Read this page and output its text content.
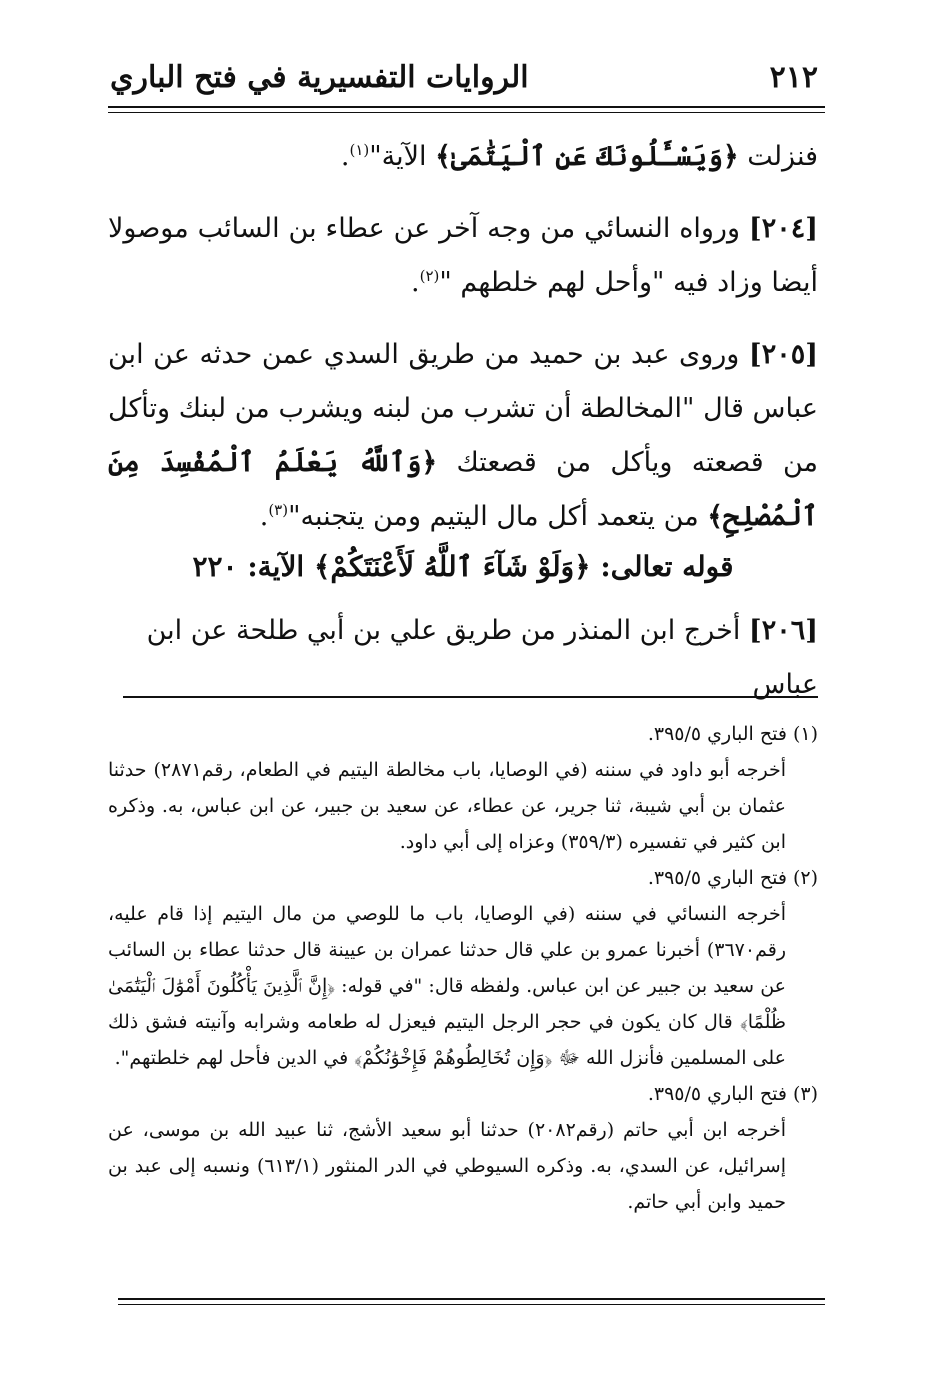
٢١٢
الروايات التفسيرية في فتح الباري

فنزلت ﴿وَيَسْـَٔلُونَكَ عَنِ ٱلْيَتَٰمَىٰ﴾ الآية"$^{(١)}$.

[٢٠٤] ورواه النسائي من وجه آخر عن عطاء بن السائب موصولا أيضا وزاد فيه "وأحل لهم خلطهم "$^{(٢)}$.

[٢٠٥] وروى عبد بن حميد من طريق السدي عمن حدثه عن ابن عباس قال "المخالطة أن تشرب من لبنه ويشرب من لبنك وتأكل من قصعته ويأكل من قصعتك ﴿وَٱللَّهُ يَعْلَمُ ٱلْمُفْسِدَ مِنَ ٱلْمُصْلِحِ﴾ من يتعمد أكل مال اليتيم ومن يتجنبه"$^{(٣)}$.

قوله تعالى: ﴿وَلَوْ شَآءَ ٱللَّهُ لَأَعْنَتَكُمْ﴾ الآية: ٢٢٠
[٢٠٦] أخرج ابن المنذر من طريق علي بن أبي طلحة عن ابن عباس

(١) فتح الباري ٣٩٥/٥.

أخرجه أبو داود في سننه (في الوصايا، باب مخالطة اليتيم في الطعام، رقم٢٨٧١) حدثنا عثمان بن أبي شيبة، ثنا جرير، عن عطاء، عن سعيد بن جبير، عن ابن عباس، به. وذكره ابن كثير في تفسيره (٣٥٩/٣) وعزاه إلى أبي داود.

(٢) فتح الباري ٣٩٥/٥.

أخرجه النسائي في سننه (في الوصايا، باب ما للوصي من مال اليتيم إذا قام عليه، رقم٣٦٧٠) أخبرنا عمرو بن علي قال حدثنا عمران بن عيينة قال حدثنا عطاء بن السائب عن سعيد بن جبير عن ابن عباس. ولفظه قال: "في قوله: ﴿إِنَّ ٱلَّذِينَ يَأْكُلُونَ أَمْوَٰلَ ٱلْيَتَٰمَىٰ ظُلْمًا﴾ قال كان يكون في حجر الرجل اليتيم فيعزل له طعامه وشرابه وآنيته فشق ذلك على المسلمين فأنزل الله ﷻ ﴿وَإِن تُخَالِطُوهُمْ فَإِخْوَٰنُكُمْ﴾ في الدين فأحل لهم خلطتهم".

(٣) فتح الباري ٣٩٥/٥.

أخرجه ابن أبي حاتم (رقم٢٠٨٢) حدثنا أبو سعيد الأشج، ثنا عبيد الله بن موسى، عن إسرائيل، عن السدي، به. وذكره السيوطي في الدر المنثور (٦١٣/١) ونسبه إلى عبد بن حميد وابن أبي حاتم.
